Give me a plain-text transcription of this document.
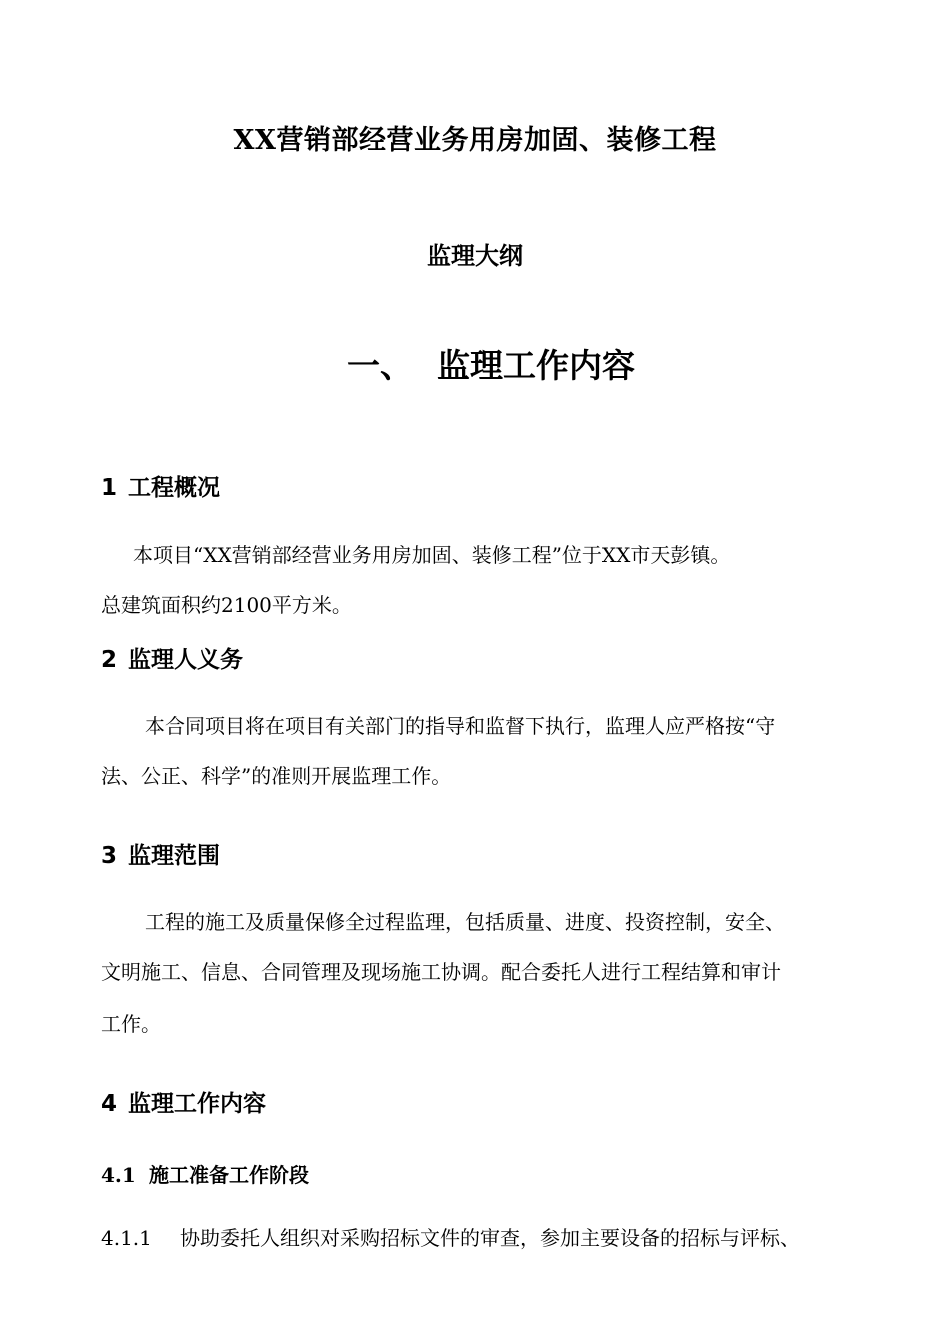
XX营销部经营业务用房加固、装修工程
监理大纲
一、 监理工作内容
1 工程概况
本项目“XX营销部经营业务用房加固、装修工程”位于XX市天彭镇。
总建筑面积约2100平方米。
2 监理人义务
本合同项目将在项目有关部门的指导和监督下执行，监理人应严格按“守
法、公正、科学”的准则开展监理工作。
3 监理范围
工程的施工及质量保修全过程监理，包括质量、进度、投资控制，安全、
文明施工、信息、合同管理及现场施工协调。配合委托人进行工程结算和审计
工作。
4 监理工作内容
4.1 施工准备工作阶段
4.1.1 协助委托人组织对采购招标文件的审查，参加主要设备的招标与评标、
